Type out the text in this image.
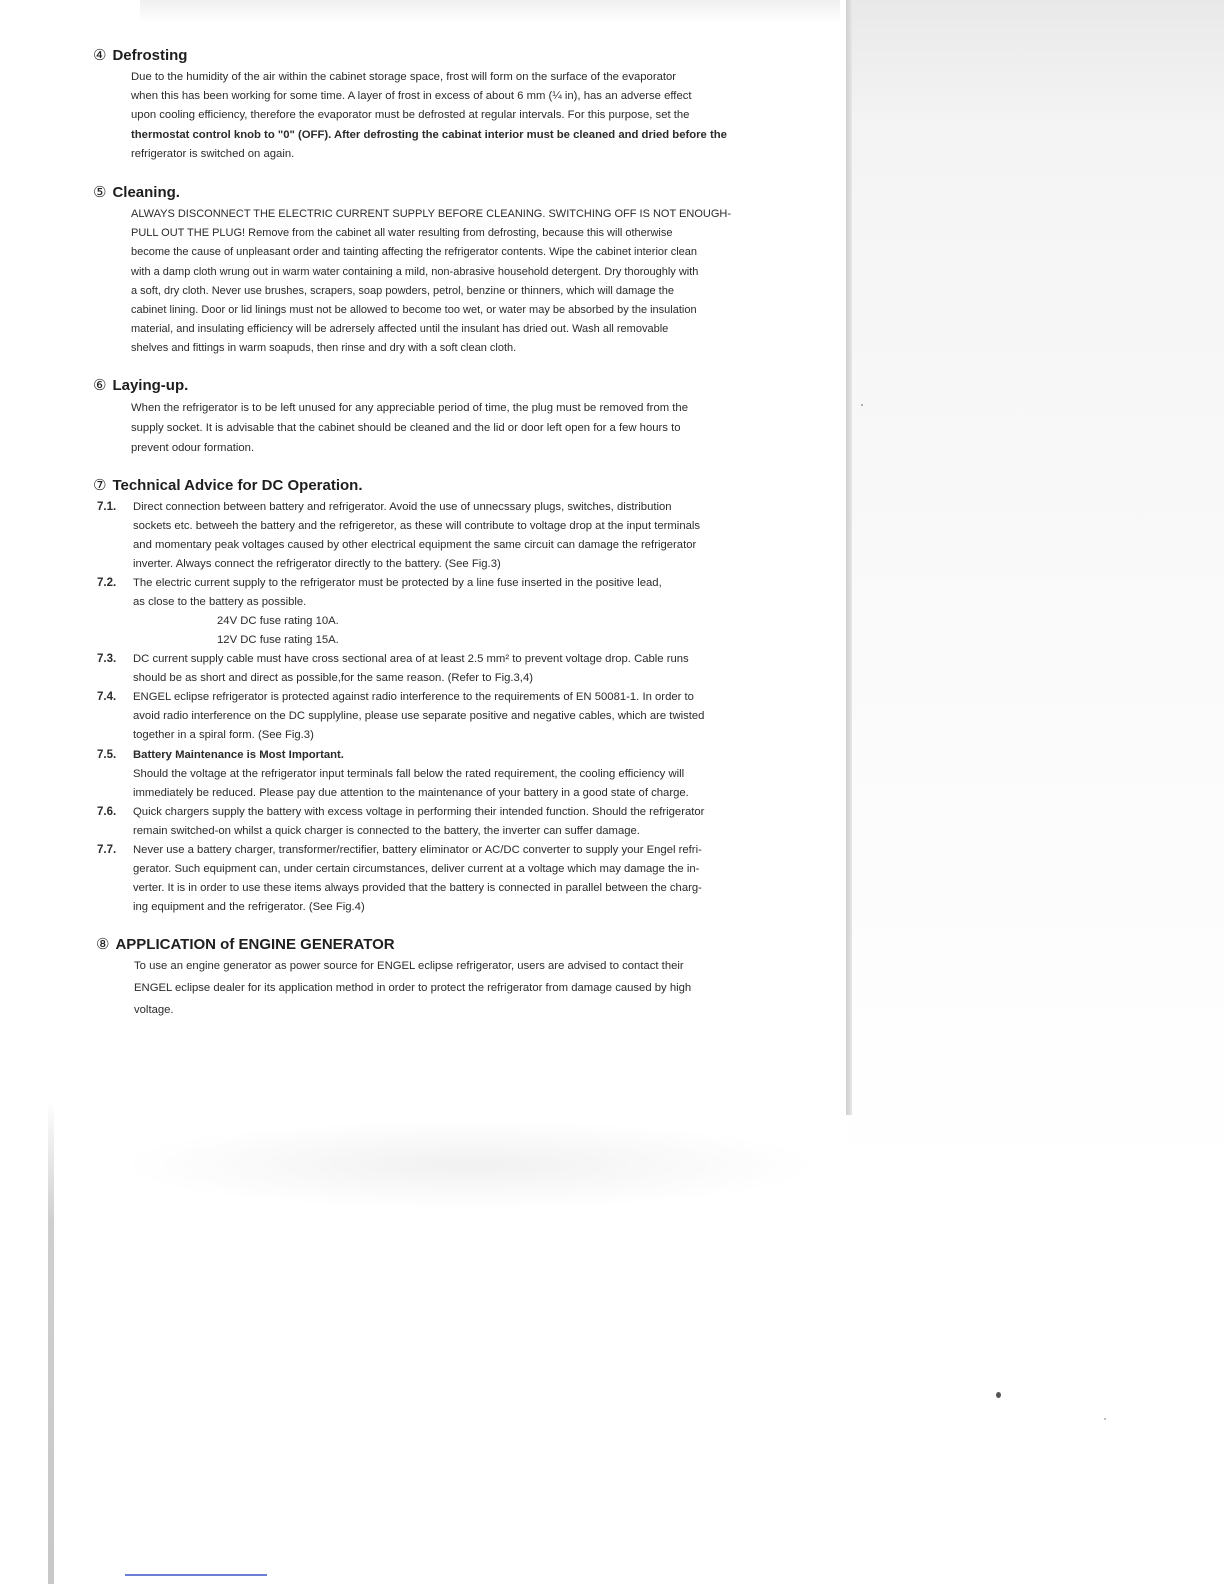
④ Defrosting
Due to the humidity of the air within the cabinet storage space, frost will form on the surface of the evaporator
when this has been working for some time. A layer of frost in excess of about 6 mm (¼ in), has an adverse effect
upon cooling efficiency, therefore the evaporator must be defrosted at regular intervals. For this purpose, set the
thermostat control knob to "0" (OFF). After defrosting the cabinat interior must be cleaned and dried before the
refrigerator is switched on again.
⑤ Cleaning.
ALWAYS DISCONNECT THE ELECTRIC CURRENT SUPPLY BEFORE CLEANING. SWITCHING OFF IS NOT ENOUGH-
PULL OUT THE PLUG! Remove from the cabinet all water resulting from defrosting, because this will otherwise
become the cause of unpleasant order and tainting affecting the refrigerator contents. Wipe the cabinet interior clean
with a damp cloth wrung out in warm water containing a mild, non-abrasive household detergent. Dry thoroughly with
a soft, dry cloth. Never use brushes, scrapers, soap powders, petrol, benzine or thinners, which will damage the
cabinet lining. Door or lid linings must not be allowed to become too wet, or water may be absorbed by the insulation
material, and insulating efficiency will be adrersely affected until the insulant has dried out. Wash all removable
shelves and fittings in warm soapuds, then rinse and dry with a soft clean cloth.
⑥ Laying-up.
When the refrigerator is to be left unused for any appreciable period of time, the plug must be removed from the
supply socket. It is advisable that the cabinet should be cleaned and the lid or door left open for a few hours to
prevent odour formation.
⑦ Technical Advice for DC Operation.
7.1. Direct connection between battery and refrigerator. Avoid the use of unnecssary plugs, switches, distribution
sockets etc. betweeh the battery and the refrigeretor, as these will contribute to voltage drop at the input terminals
and momentary peak voltages caused by other electrical equipment the same circuit can damage the refrigerator
inverter. Always connect the refrigerator directly to the battery. (See Fig.3)
7.2. The electric current supply to the refrigerator must be protected by a line fuse inserted in the positive lead,
as close to the battery as possible.
24V DC fuse rating 10A.
12V DC fuse rating 15A.
7.3. DC current supply cable must have cross sectional area of at least 2.5 mm² to prevent voltage drop. Cable runs
should be as short and direct as possible,for the same reason. (Refer to Fig.3,4)
7.4. ENGEL eclipse refrigerator is protected against radio interference to the requirements of EN 50081-1. In order to
avoid radio interference on the DC supplyline, please use separate positive and negative cables, which are twisted
together in a spiral form. (See Fig.3)
7.5. Battery Maintenance is Most Important.
Should the voltage at the refrigerator input terminals fall below the rated requirement, the cooling efficiency will
immediately be reduced. Please pay due attention to the maintenance of your battery in a good state of charge.
7.6. Quick chargers supply the battery with excess voltage in performing their intended function. Should the refrigerator
remain switched-on whilst a quick charger is connected to the battery, the inverter can suffer damage.
7.7. Never use a battery charger, transformer/rectifier, battery eliminator or AC/DC converter to supply your Engel refri-
gerator. Such equipment can, under certain circumstances, deliver current at a voltage which may damage the in-
verter. It is in order to use these items always provided that the battery is connected in parallel between the charg-
ing equipment and the refrigerator. (See Fig.4)
⑧ APPLICATION of ENGINE GENERATOR
To use an engine generator as power source for ENGEL eclipse refrigerator, users are advised to contact their
ENGEL eclipse dealer for its application method in order to protect the refrigerator from damage caused by high
voltage.
